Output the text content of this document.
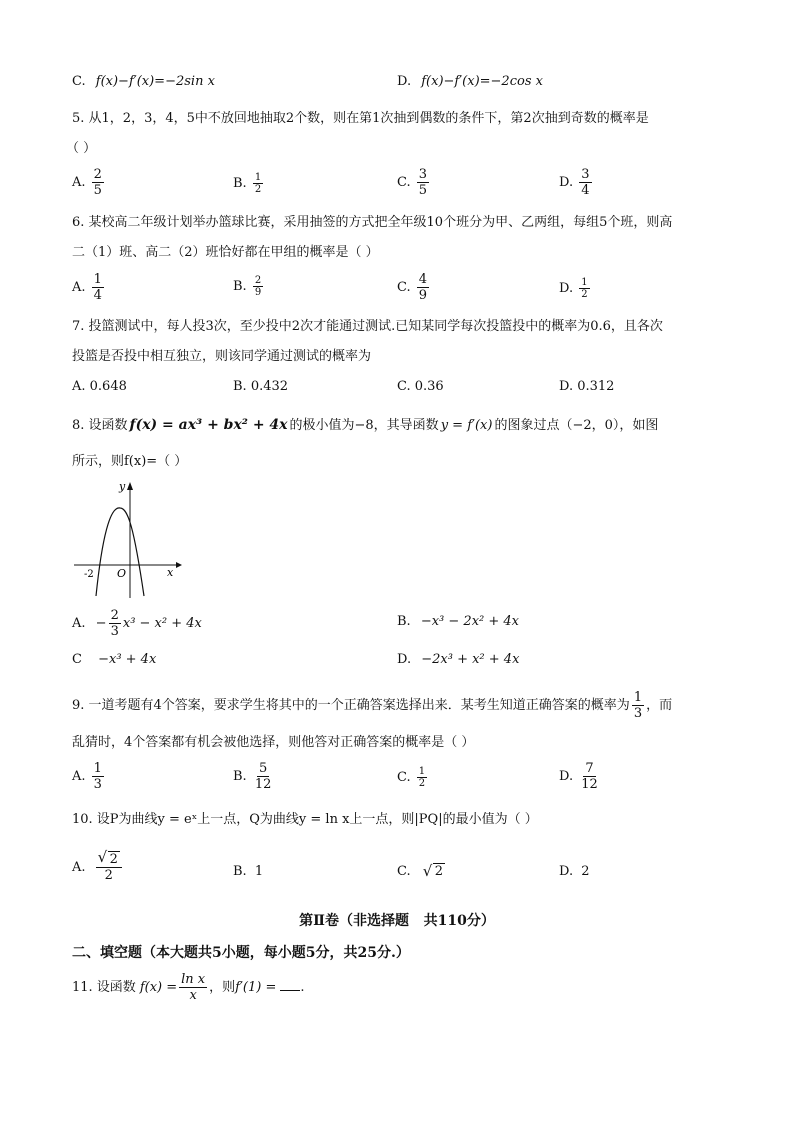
C. f(x)−f′(x)=−2sin x	D. f(x)−f′(x)=−2cos x
5. 从1，2，3，4，5中不放回地抽取2个数，则在第1次抽到偶数的条件下，第2次抽到奇数的概率是
（ ）
A. $\frac{2}{5}$	B. $\frac{1}{2}$	C. $\frac{3}{5}$	D. $\frac{3}{4}$
6. 某校高二年级计划举办篮球比赛，采用抽签的方式把全年级10个班分为甲、乙两组，每组5个班，则高
二（1）班、高二（2）班恰好都在甲组的概率是（ ）
A. $\frac{1}{4}$	B. $\frac{2}{9}$	C. $\frac{4}{9}$	D. $\frac{1}{2}$
7. 投篮测试中，每人投3次，至少投中2次才能通过测试.已知某同学每次投篮投中的概率为0.6，且各次
投篮是否投中相互独立，则该同学通过测试的概率为
A. 0.648	B. 0.432	C. 0.36	D. 0.312
8. 设函数 f(x) = ax³ + bx² + 4x 的极小值为−8，其导函数 y = f′(x) 的图象过点（−2，0），如图
所示，则f(x)=（ ）
y
x
O
-2
A. − $\frac{2}{3} x^3 - x^2 + 4x$	B. −x³ − 2x² + 4x
C −x³ + 4x	D. −2x³ + x² + 4x
9. 一道考题有4个答案，要求学生将其中的一个正确答案选择出来．某考生知道正确答案的概率为 $\frac{1}{3}$ ，而
乱猜时，4个答案都有机会被他选择，则他答对正确答案的概率是（ ）
A. $\frac{1}{3}$	B. $\frac{5}{12}$	C. $\frac{1}{2}$	D. $\frac{7}{12}$
10. 设P为曲线y = eˣ上一点，Q为曲线y = ln x上一点，则|PQ|的最小值为（ ）
A. $\frac{√ 2}{2}$	B. 1	C. √ 2	D. 2
第Ⅱ卷（非选择题   共110分）
二、填空题（本大题共5小题，每小题5分，共25分.）
11. 设函数 $f(x) = \frac{\text{ln x}}{x}$ ，则f′(1) = .
